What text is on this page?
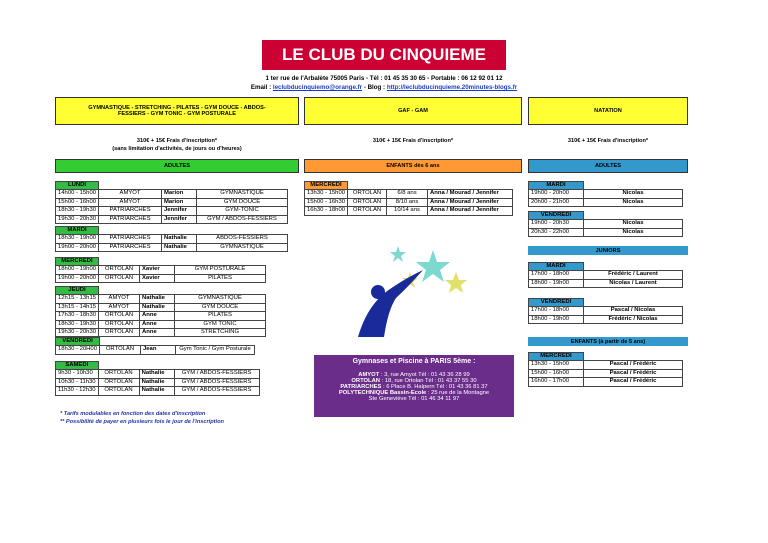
LE CLUB DU CINQUIEME
1 ter rue de l'Arbalète 75005 Paris - Tél : 01 45 35 30 65 - Portable : 06 12 92 01 12
Email : leclubducinquiemo@orange.fr - Blog : http://leclubducinquieme.20minutes-blogs.fr
GYMNASTIQUE - STRETCHING - PILATES - GYM DOUCE - ABDOS-FESSIERS - GYM TONIC - GYM POSTURALE	GAF - GAM	NATATION
310€ + 15€ Frais d'inscription*
(sans limitation d'activités, de jours ou d'heures)
310€ + 15€ Frais d'inscription*	310€ + 15€ Frais d'inscription*
ADULTES	ENFANTS dès 6 ans	ADULTES
LUNDI			
14h00 - 15h00	AMYOT	Marion	GYMNASTIQUE
15h00 - 16h00	AMYOT	Marion	GYM DOUCE
18h30 - 19h30	PATRIARCHES	Jennifer	GYM-TONIC
19h30 - 20h30	PATRIARCHES	Jennifer	GYM / ABDOS-FESSIERS
MARDI			
18h30 - 19h00	PATRIARCHES	Nathalie	ABDOS-FESSIERS
19h00 - 20h00	PATRIARCHES	Nathalie	GYMNASTIQUE
MERCREDI			
18h00 - 19h00	ORTOLAN	Xavier	GYM POSTURALE
19h00 - 20h00	ORTOLAN	Xavier	PILATES
JEUDI			
12h15 - 13h15	AMYOT	Nathalie	GYMNASTIQUE
13h15 - 14h15	AMYOT	Nathalie	GYM DOUCE
17h30 - 18h30	ORTOLAN	Anne	PILATES
18h30 - 19h30	ORTOLAN	Anne	GYM TONIC
19h30 - 20h30	ORTOLAN	Anne	STRETCHING
VENDREDI			
18h30 - 20H00	ORTOLAN	Jean	Gym Tonic / Gym Posturale
SAMEDI			
9h30 - 10h30	ORTOLAN	Nathalie	GYM / ABDOS-FESSIERS
10h30 - 11h30	ORTOLAN	Nathalie	GYM / ABDOS-FESSIERS
11h30 - 12h30	ORTOLAN	Nathalie	GYM / ABDOS-FESSIERS
* Tarifs modulables en fonction des dates d'inscription
** Possibilité de payer en plusieurs fois le jour de l'inscription
MERCREDI			
13h30 - 15h00	ORTOLAN	6/8 ans	Anna / Mourad / Jennifer
15h00 - 16h30	ORTOLAN	8/10 ans	Anna / Mourad / Jennifer
16h30 - 18h00	ORTOLAN	10/14 ans	Anna / Mourad / Jennifer
Gymnases et Piscine à PARIS 5ème :
AMYOT : 3, rue Amyot Tél : 01 43 36 28 99
ORTOLAN : 18, rue Ortolan Tél : 01 43 37 55 30
PATRIARCHES : 6 Place B. Halpern Tél : 01 43 36 81 37
POLYTECHNIQUE Bassin-Ecole : 25 rue de la Montagne
Ste Geneviève Tél : 01 46 34 11 97
MARDI	
19h00 - 20h00	Nicolas
20h00 - 21h00	Nicolas
VENDREDI	
19h00 - 20h30	Nicolas
20h30 - 22h00	Nicolas
JUNIORS
MARDI	
17h00 - 18h00	Frédéric / Laurent
18h00 - 19h00	Nicolas / Laurent
VENDREDI	
17h00 - 18h00	Pascal / Nicolas
18h00 - 19h00	Frédéric / Nicolas
ENFANTS (à partir de 5 ans)
MERCREDI	
13h30 - 15h00	Pascal / Frédéric
15h00 - 16h00	Pascal / Frédéric
16h00 - 17h00	Pascal / Frédéric
